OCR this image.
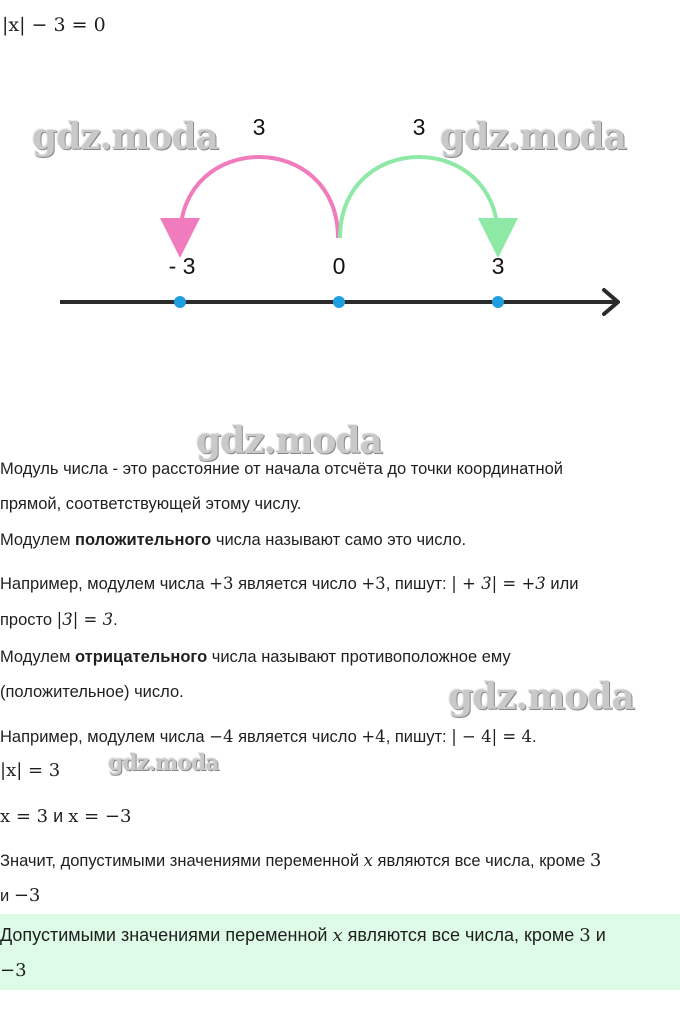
|x| − 3 = 0
3	3
- 3	0	3
gdz.moda	gdz.moda
gdz.moda
gdz.moda
gdz.moda
Модуль числа - это расстояние от начала отсчёта до точки координатной
прямой, соответствующей этому числу.
Модулем положительного числа называют само это число.
Например, модулем числа +3 является число +3, пишут: | + 3| = +3 или
просто |3| = 3.
Модулем отрицательного числа называют противоположное ему
(положительное) число.
Например, модулем числа −4 является число +4, пишут: | − 4| = 4.
|x| = 3
x = 3 и x = −3
Значит, допустимыми значениями переменной x являются все числа, кроме 3
и −3
Допустимыми значениями переменной x являются все числа, кроме 3 и
−3
